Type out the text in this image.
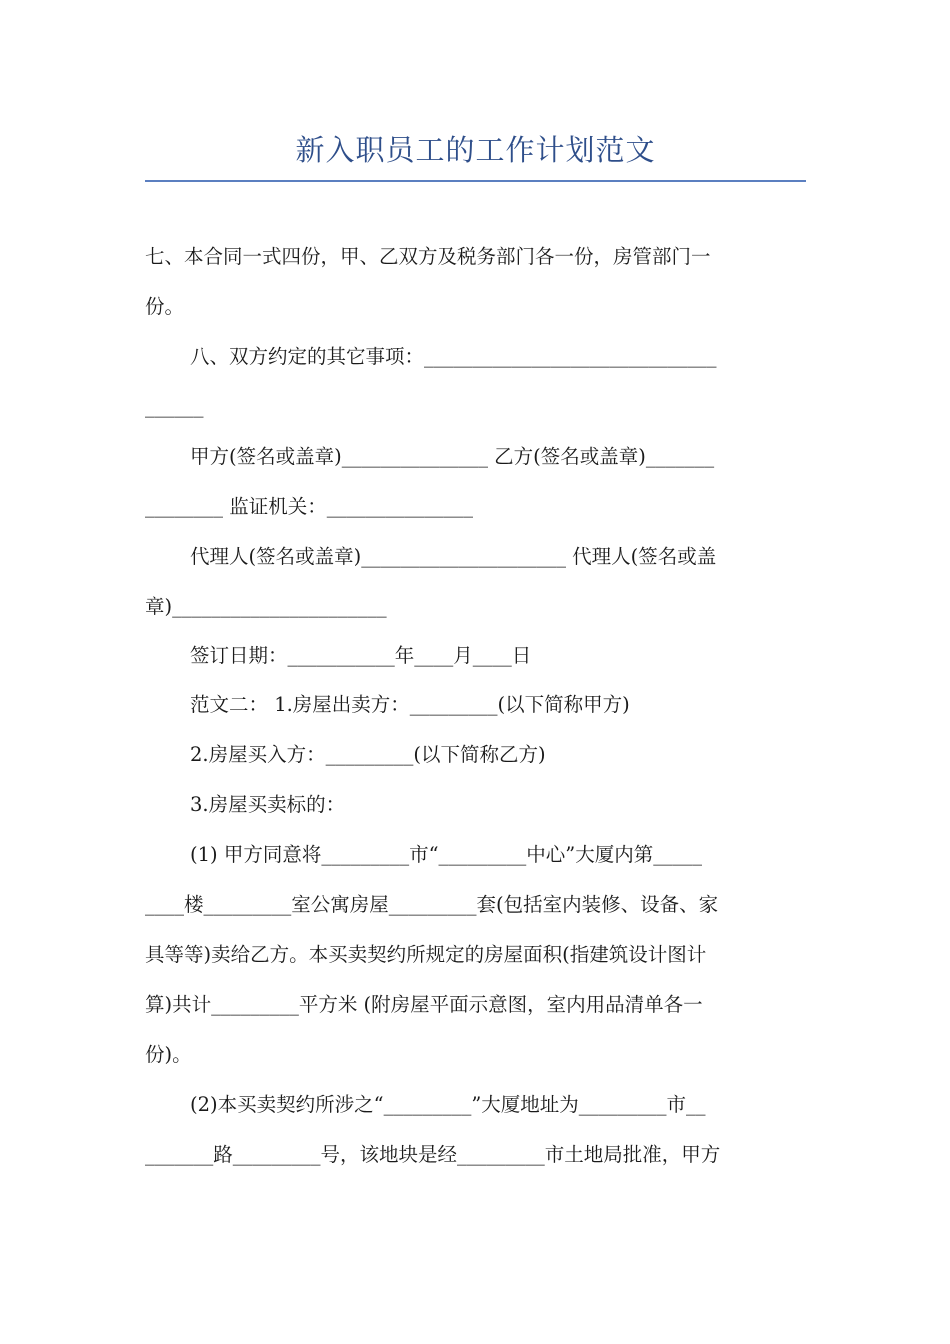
新入职员工的工作计划范文
七、本合同一式四份，甲、乙双方及税务部门各一份，房管部门一
份。
八、双方约定的其它事项：______________________________
______
甲方(签名或盖章)_______________ 乙方(签名或盖章)_______
________ 监证机关：_______________
代理人(签名或盖章)_____________________ 代理人(签名或盖
章)______________________
签订日期：___________年____月____日
范文二： 1.房屋出卖方：_________(以下简称甲方)
2.房屋买入方：_________(以下简称乙方)
3.房屋买卖标的：
(1) 甲方同意将_________市“_________中心”大厦内第_____
____楼_________室公寓房屋_________套(包括室内装修、设备、家
具等等)卖给乙方。本买卖契约所规定的房屋面积(指建筑设计图计
算)共计_________平方米 (附房屋平面示意图，室内用品清单各一
份)。
(2)本买卖契约所涉之“_________”大厦地址为_________市__
_______路_________号，该地块是经_________市土地局批准，甲方
